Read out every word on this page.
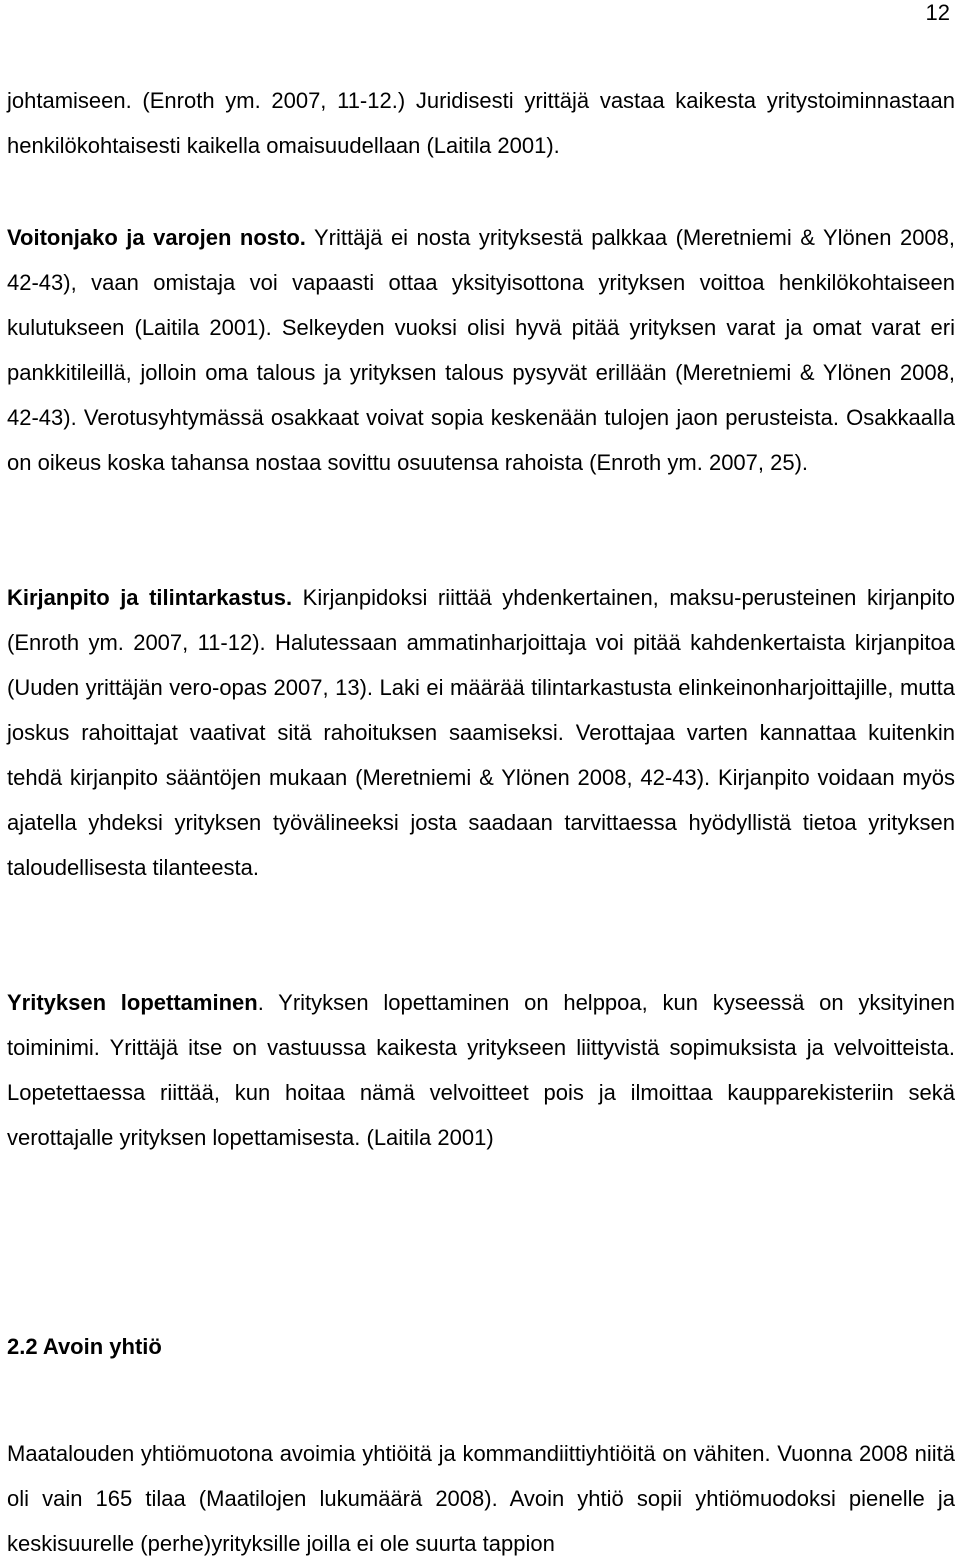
12

johtamiseen. (Enroth ym. 2007, 11-12.) Juridisesti yrittäjä vastaa kaikesta yritystoiminnastaan henkilökohtaisesti kaikella omaisuudellaan (Laitila 2001).

Voitonjako ja varojen nosto. Yrittäjä ei nosta yrityksestä palkkaa (Meretniemi & Ylönen 2008, 42-43), vaan omistaja voi vapaasti ottaa yksityisottona yrityksen voittoa henkilökohtaiseen kulutukseen (Laitila 2001). Selkeyden vuoksi olisi hyvä pitää yrityksen varat ja omat varat eri pankkitileillä, jolloin oma talous ja yrityksen talous pysyvät erillään (Meretniemi & Ylönen 2008, 42-43). Verotusyhtymässä osakkaat voivat sopia keskenään tulojen jaon perusteista. Osakkaalla on oikeus koska tahansa nostaa sovittu osuutensa rahoista (Enroth ym. 2007, 25).

Kirjanpito ja tilintarkastus. Kirjanpidoksi riittää yhdenkertainen, maksu-perusteinen kirjanpito (Enroth ym. 2007, 11-12). Halutessaan ammatinharjoittaja voi pitää kahdenkertaista kirjanpitoa (Uuden yrittäjän vero-opas 2007, 13). Laki ei määrää tilintarkastusta elinkeinonharjoittajille, mutta joskus rahoittajat vaativat sitä rahoituksen saamiseksi. Verottajaa varten kannattaa kuitenkin tehdä kirjanpito sääntöjen mukaan (Meretniemi & Ylönen 2008, 42-43). Kirjanpito voidaan myös ajatella yhdeksi yrityksen työvälineeksi josta saadaan tarvittaessa hyödyllistä tietoa yrityksen taloudellisesta tilanteesta.

Yrityksen lopettaminen. Yrityksen lopettaminen on helppoa, kun kyseessä on yksityinen toiminimi. Yrittäjä itse on vastuussa kaikesta yritykseen liittyvistä sopimuksista ja velvoitteista. Lopetettaessa riittää, kun hoitaa nämä velvoitteet pois ja ilmoittaa kaupparekisteriin sekä verottajalle yrityksen lopettamisesta. (Laitila 2001)

2.2 Avoin yhtiö

Maatalouden yhtiömuotona avoimia yhtiöitä ja kommandiittiyhtiöitä on vähiten. Vuonna 2008 niitä oli vain 165 tilaa (Maatilojen lukumäärä 2008). Avoin yhtiö sopii yhtiömuodoksi pienelle ja keskisuurelle (perhe)yrityksille joilla ei ole suurta tappion
